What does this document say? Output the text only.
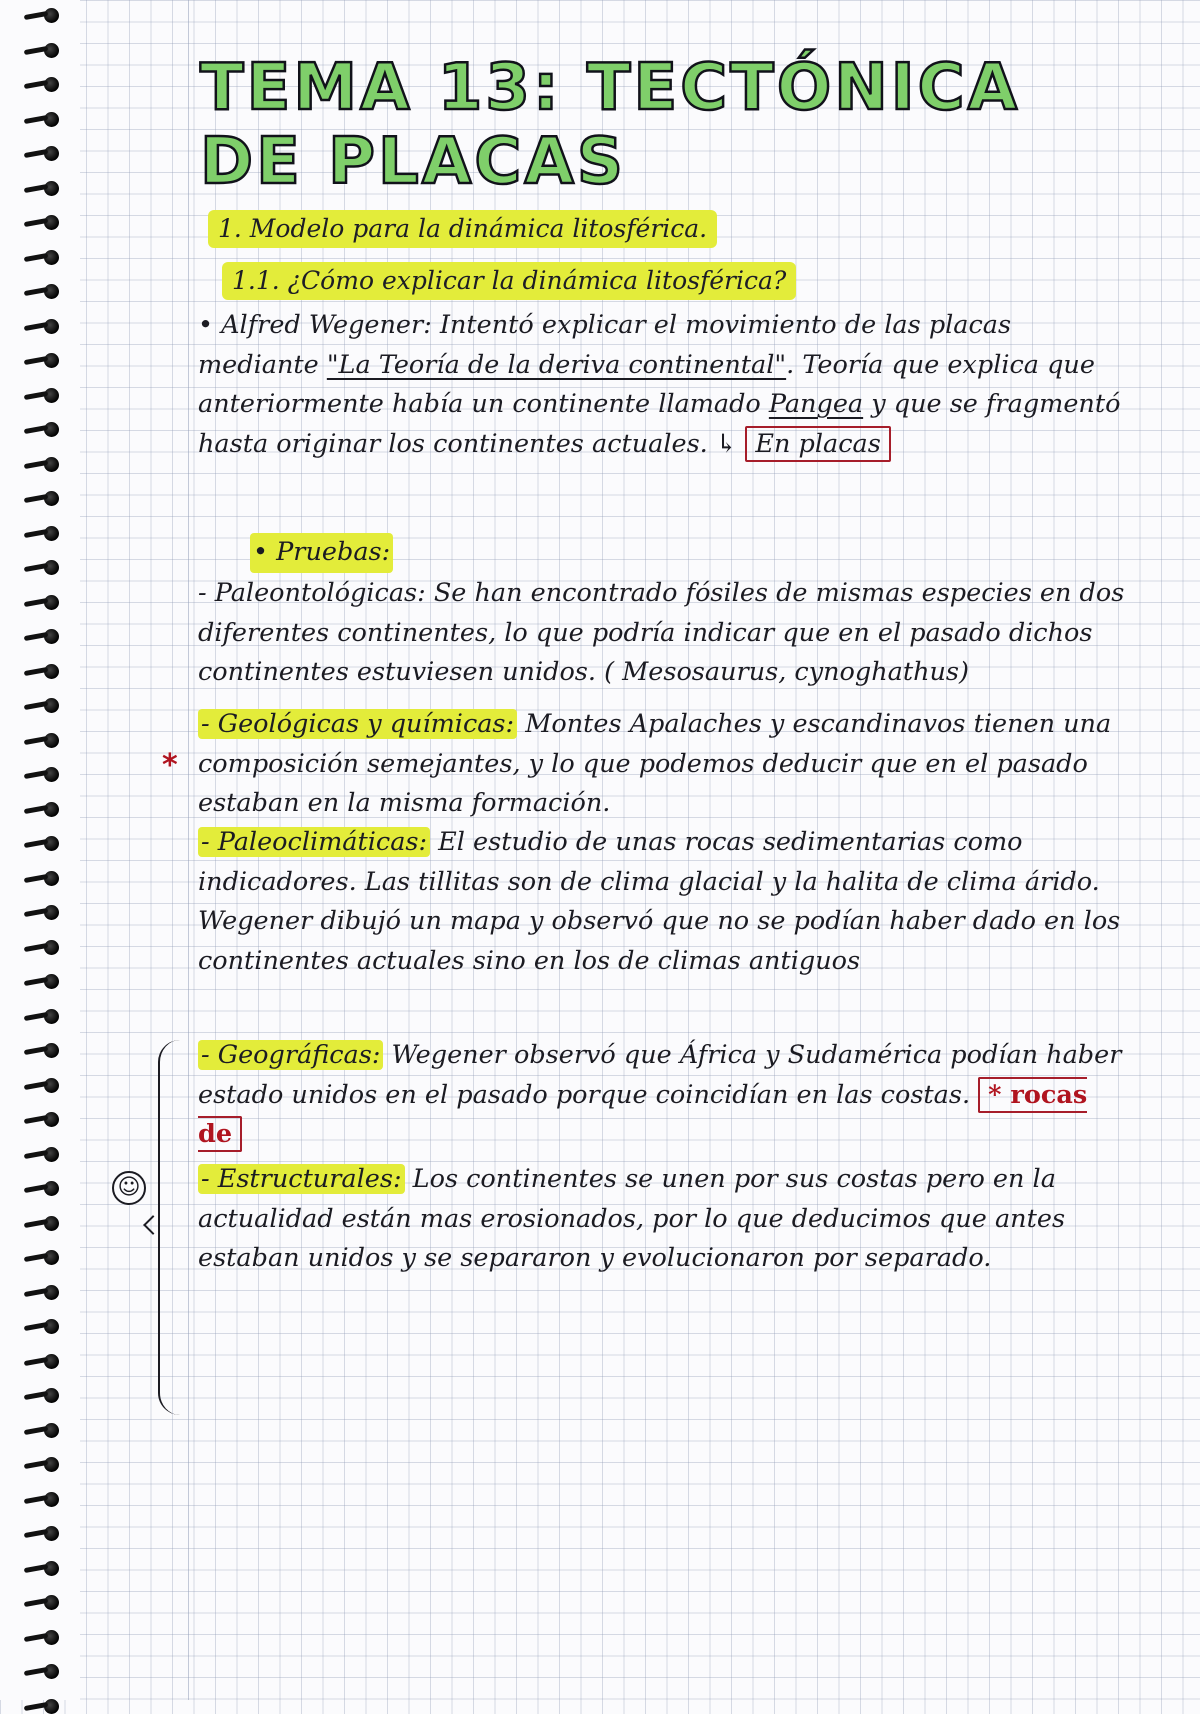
TEMA 13: TECTÓNICA
DE PLACAS
1. Modelo para la dinámica litosférica.
1.1. ¿Cómo explicar la dinámica litosférica?

• Alfred Wegener: Intentó explicar el movimiento de las placas mediante "La Teoría de la deriva continental". Teoría que explica que anteriormente había un continente llamado Pangea y que se fragmentó hasta originar los continentes actuales. ↳ En placas

• Pruebas:

- Paleontológicas: Se han encontrado fósiles de mismas especies en dos diferentes continentes, lo que podría indicar que en el pasado dichos continentes estuviesen unidos. ( Mesosaurus, cynoghathus)

- Geológicas y químicas: Montes Apalaches y escandinavos tienen una composición semejantes, y lo que podemos deducir que en el pasado estaban en la misma formación.

*

- Paleoclimáticas: El estudio de unas rocas sedimentarias como indicadores. Las tillitas son de clima glacial y la halita de clima árido. Wegener dibujó un mapa y observó que no se podían haber dado en los continentes actuales sino en los de climas antiguos

- Geográficas: Wegener observó que África y Sudamérica podían haber estado unidos en el pasado porque coincidían en las costas. * rocas de

- Estructurales: Los continentes se unen por sus costas pero en la actualidad están mas erosionados, por lo que deducimos que antes estaban unidos y se separaron y evolucionaron por separado.

☺
